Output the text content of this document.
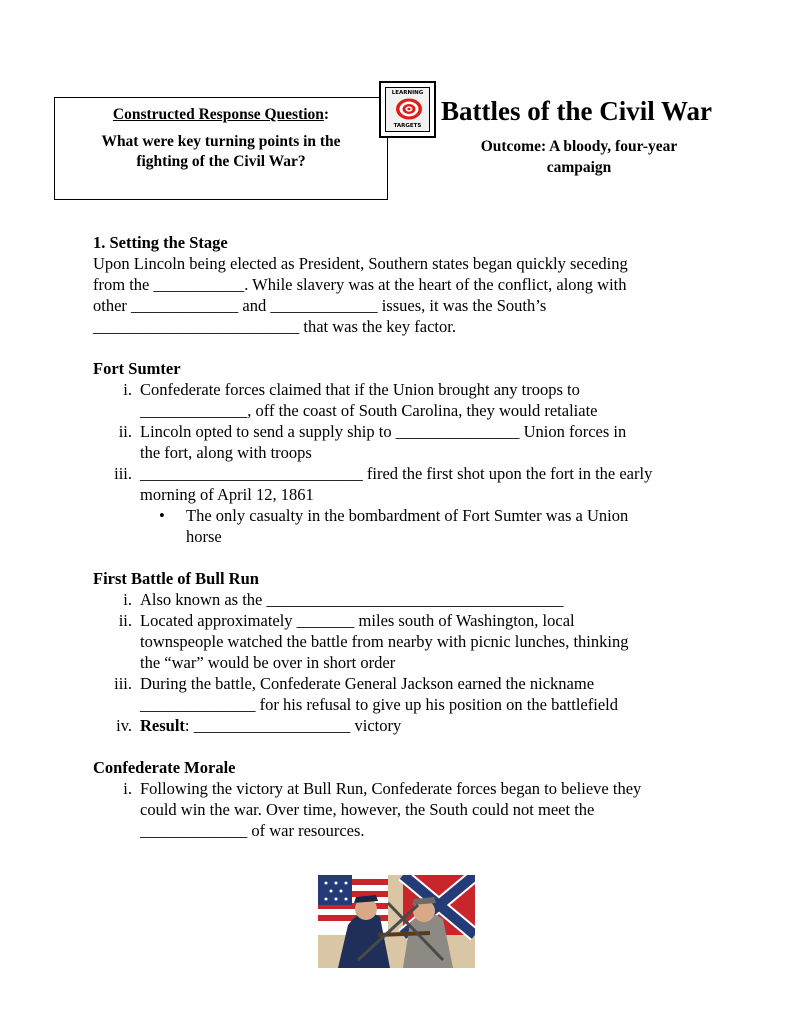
Constructed Response Question:
What were key turning points in the
fighting of the Civil War?
LEARNING
TARGETS Battles of the Civil War
Outcome: A bloody, four-year
campaign
1. Setting the Stage

Upon Lincoln being elected as President, Southern states began quickly seceding

from the ___________. While slavery was at the heart of the conflict, along with

other _____________ and _____________ issues, it was the South’s

_________________________ that was the key factor.

Fort Sumter
i. Confederate forces claimed that if the Union brought any troops to
_____________, off the coast of South Carolina, they would retaliate
ii. Lincoln opted to send a supply ship to _______________ Union forces in
the fort, along with troops
iii. ___________________________ fired the first shot upon the fort in the early
morning of April 12, 1861
•	The only casualty in the bombardment of Fort Sumter was a Union
horse
First Battle of Bull Run
i. Also known as the ____________________________________
ii. Located approximately _______ miles south of Washington, local
townspeople watched the battle from nearby with picnic lunches, thinking
the “war” would be over in short order
iii. During the battle, Confederate General Jackson earned the nickname
______________ for his refusal to give up his position on the battlefield
iv. Result: ___________________ victory
Confederate Morale
i. Following the victory at Bull Run, Confederate forces began to believe they
could win the war. Over time, however, the South could not meet the
_____________ of war resources.
